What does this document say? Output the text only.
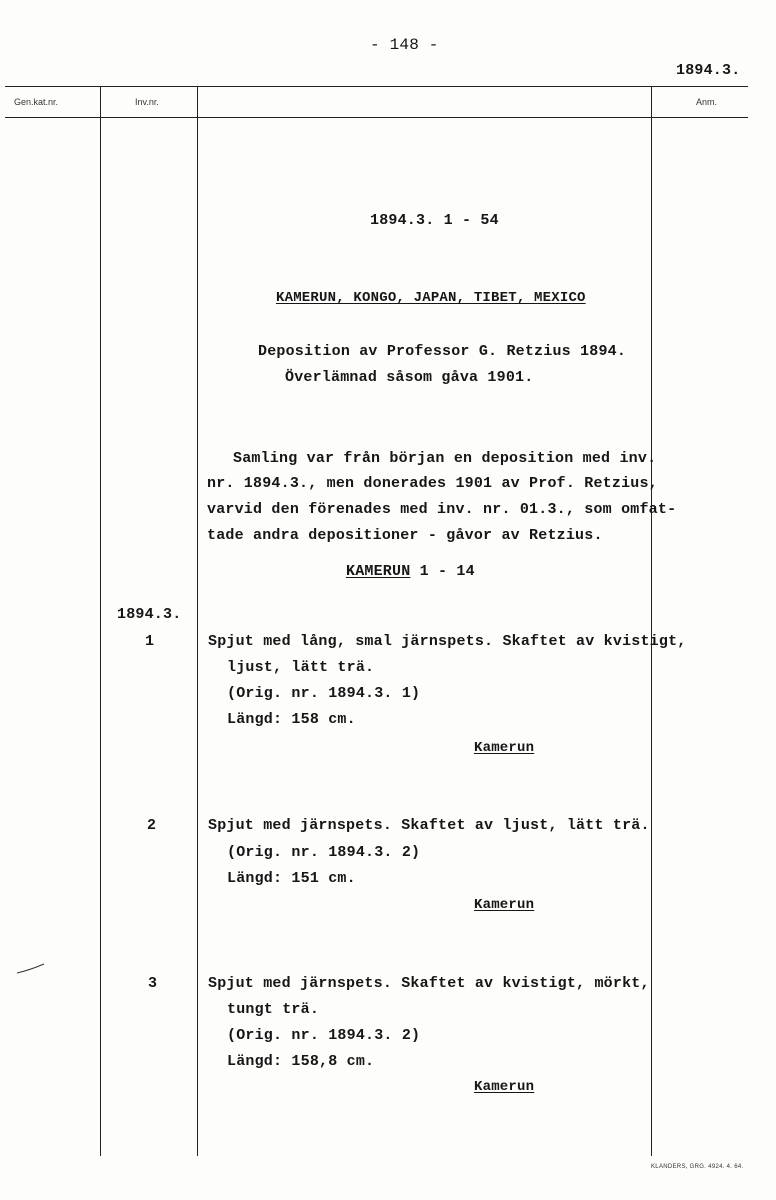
- 148 -
1894.3.
Gen.kat.nr.	Inv.nr.	Anm.
1894.3. 1 - 54
KAMERUN, KONGO, JAPAN, TIBET, MEXICO
Deposition av Professor G. Retzius 1894.
Överlämnad såsom gåva 1901.
Samling var från början en deposition med inv.
nr. 1894.3., men donerades 1901 av Prof. Retzius,
varvid den förenades med inv. nr. 01.3., som omfat-
tade andra depositioner - gåvor av Retzius.
KAMERUN 1 - 14
1894.3.
1	Spjut med lång, smal järnspets. Skaftet av kvistigt,
ljust, lätt trä.
(Orig. nr. 1894.3. 1)
Längd: 158 cm.
Kamerun
2	Spjut med järnspets. Skaftet av ljust, lätt trä.
(Orig. nr. 1894.3. 2)
Längd: 151 cm.
Kamerun
3	Spjut med järnspets. Skaftet av kvistigt, mörkt,
tungt trä.
(Orig. nr. 1894.3. 2)
Längd: 158,8 cm.
Kamerun
KLANDERS, GRG. 4924. 4. 64.
